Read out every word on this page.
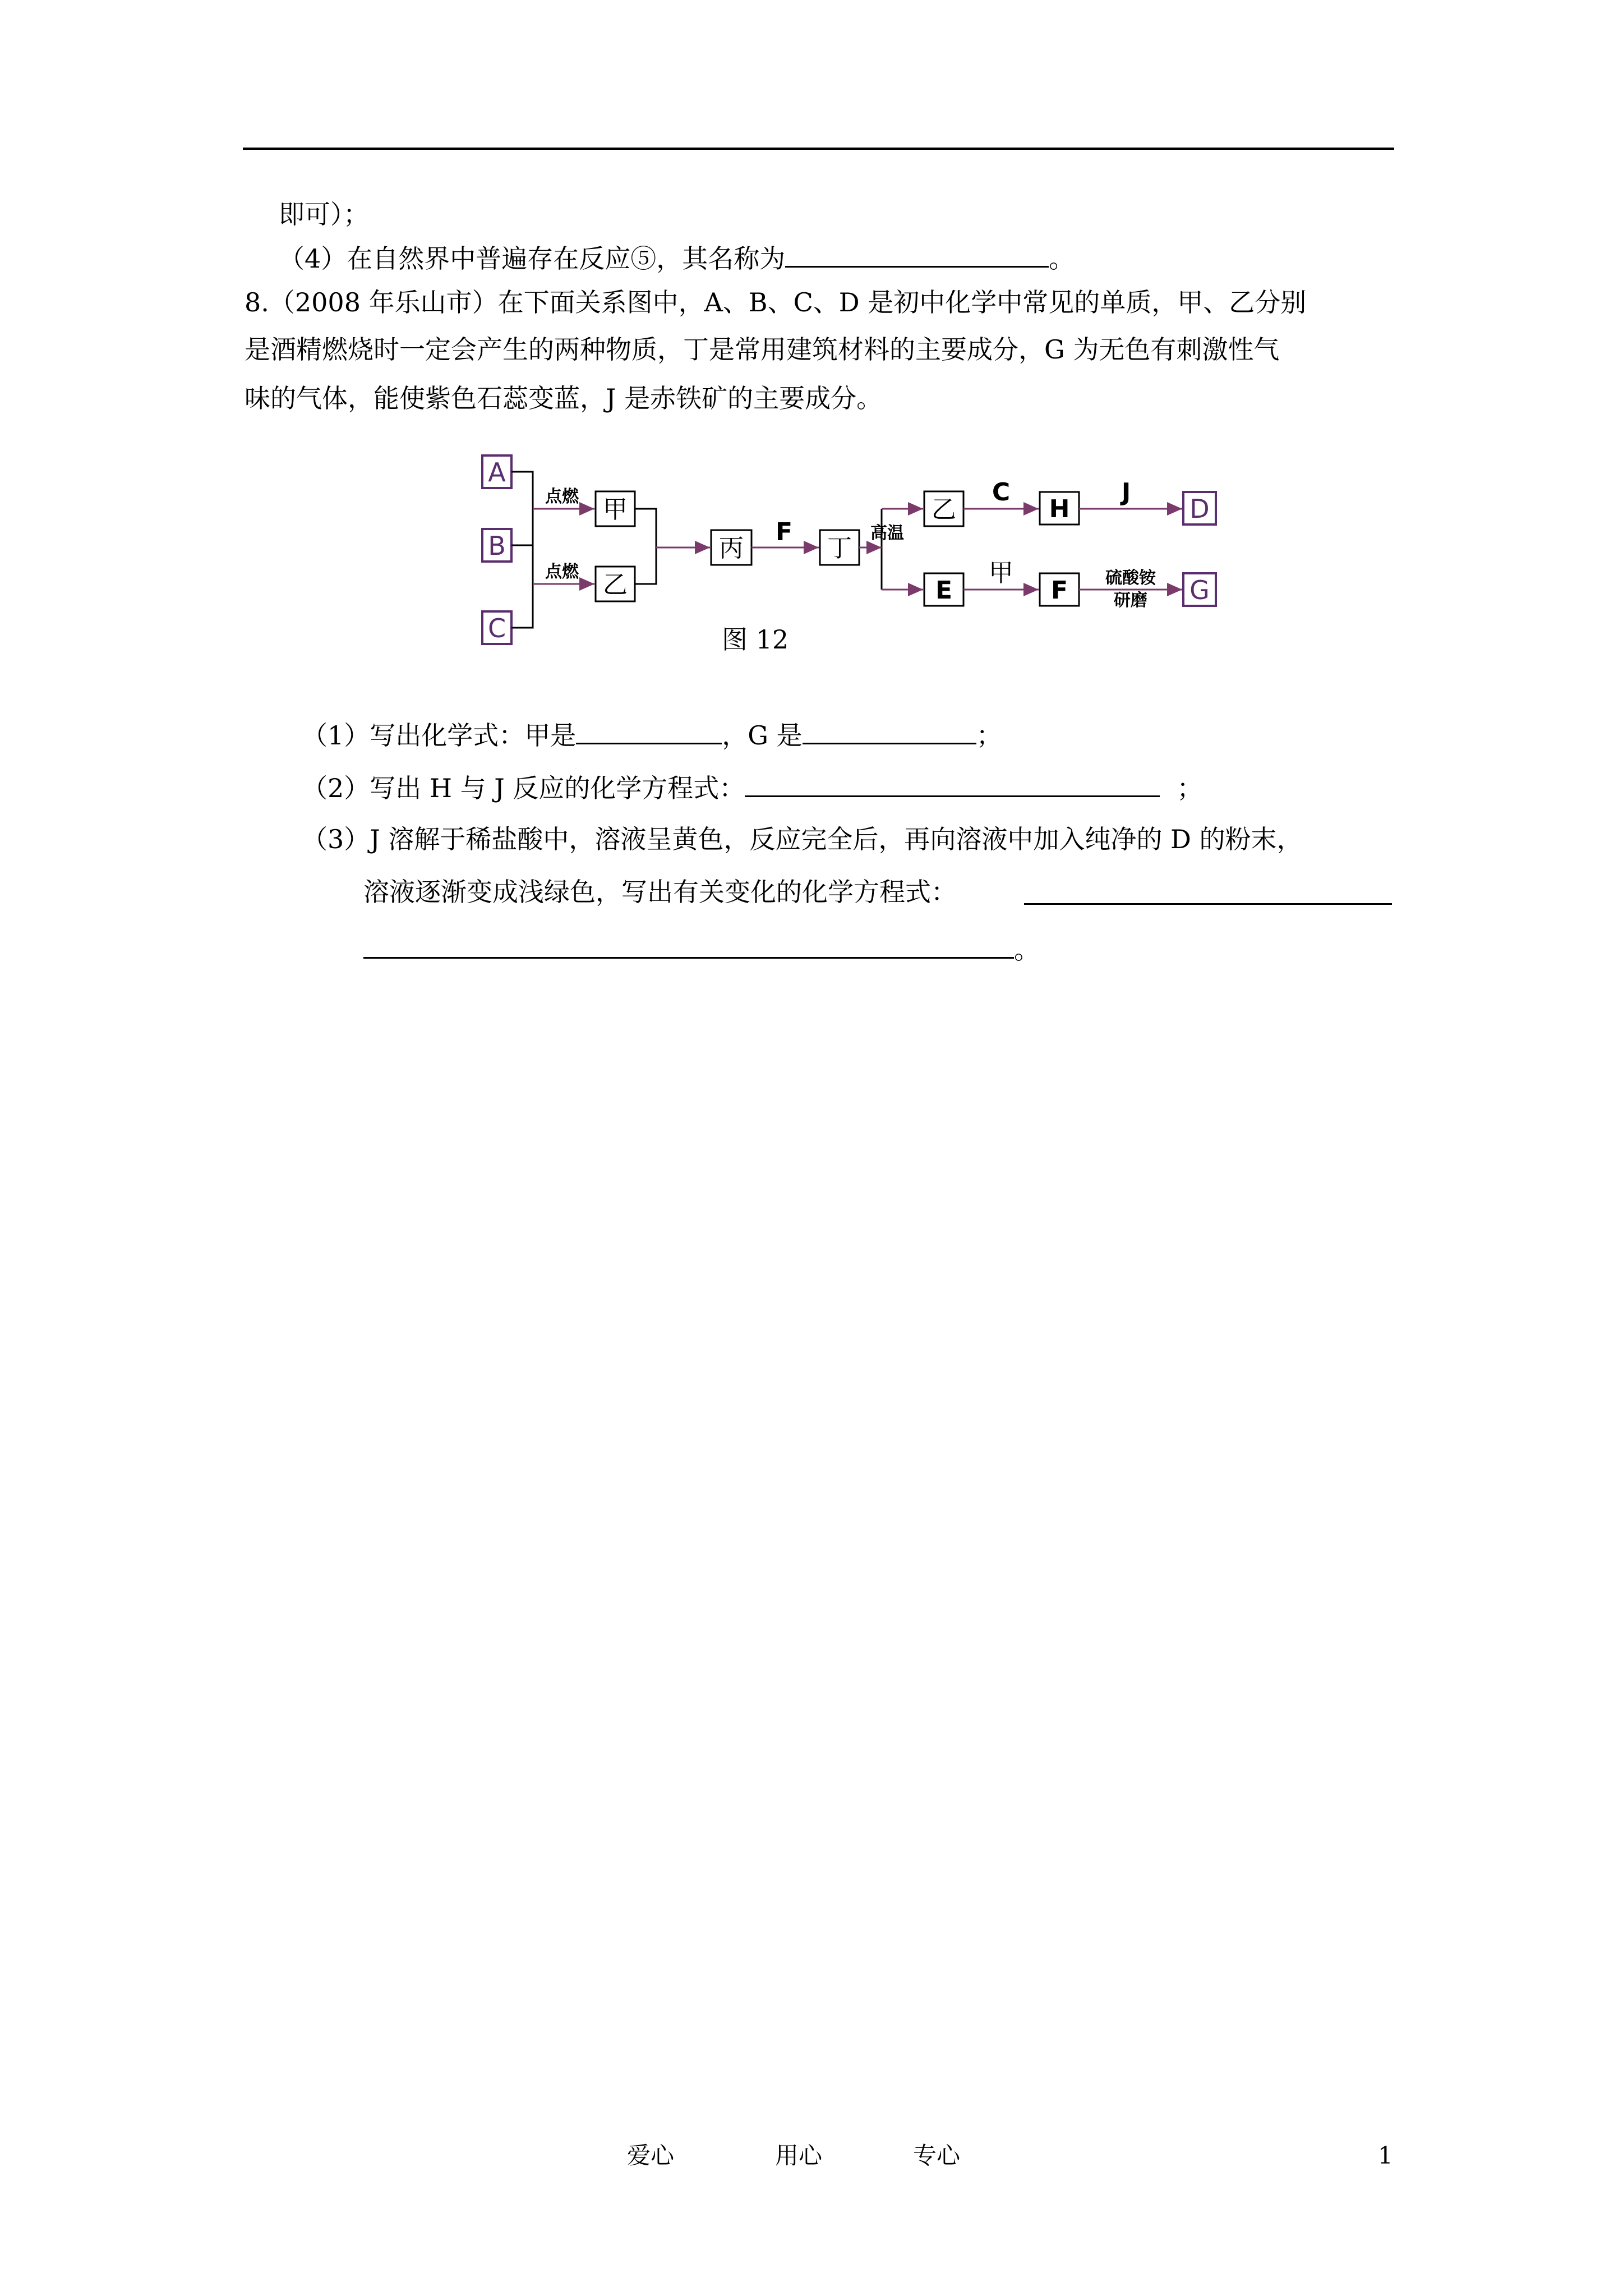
即可）；
（4）在自然界中普遍存在反应⑤，其名称为	。
8.（2008 年乐山市）在下面关系图中，A、B、C、D 是初中化学中常见的单质，甲、乙分别
是酒精燃烧时一定会产生的两种物质，丁是常用建筑材料的主要成分，G 为无色有刺激性气
味的气体，能使紫色石蕊变蓝，J 是赤铁矿的主要成分。
A
B
C
D
G
甲
乙
丙	丁
乙	H
E	F
点燃
点燃
高温
硫酸铵
研磨
F
C	J
甲
图 12
（1）写出化学式：甲是	，G 是	；
（2）写出 H 与 J 反应的化学方程式：	；
（3）J 溶解于稀盐酸中，溶液呈黄色，反应完全后，再向溶液中加入纯净的 D 的粉末，
溶液逐渐变成浅绿色，写出有关变化的化学方程式：
。
爱心	用心	专心	1
